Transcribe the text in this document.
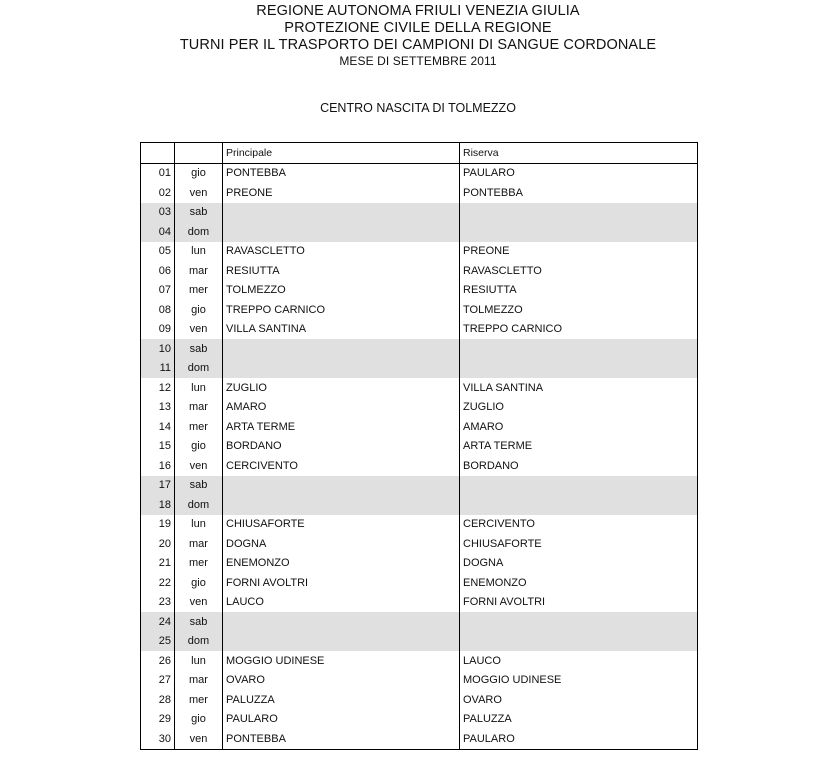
REGIONE AUTONOMA FRIULI VENEZIA GIULIA
PROTEZIONE CIVILE DELLA REGIONE
TURNI PER IL TRASPORTO DEI CAMPIONI DI SANGUE CORDONALE
MESE DI SETTEMBRE 2011
CENTRO NASCITA DI TOLMEZZO
		Principale	Riserva
01	gio	PONTEBBA	PAULARO
02	ven	PREONE	PONTEBBA
03	sab		
04	dom		
05	lun	RAVASCLETTO	PREONE
06	mar	RESIUTTA	RAVASCLETTO
07	mer	TOLMEZZO	RESIUTTA
08	gio	TREPPO CARNICO	TOLMEZZO
09	ven	VILLA SANTINA	TREPPO CARNICO
10	sab		
11	dom		
12	lun	ZUGLIO	VILLA SANTINA
13	mar	AMARO	ZUGLIO
14	mer	ARTA TERME	AMARO
15	gio	BORDANO	ARTA TERME
16	ven	CERCIVENTO	BORDANO
17	sab		
18	dom		
19	lun	CHIUSAFORTE	CERCIVENTO
20	mar	DOGNA	CHIUSAFORTE
21	mer	ENEMONZO	DOGNA
22	gio	FORNI AVOLTRI	ENEMONZO
23	ven	LAUCO	FORNI AVOLTRI
24	sab		
25	dom		
26	lun	MOGGIO UDINESE	LAUCO
27	mar	OVARO	MOGGIO UDINESE
28	mer	PALUZZA	OVARO
29	gio	PAULARO	PALUZZA
30	ven	PONTEBBA	PAULARO
